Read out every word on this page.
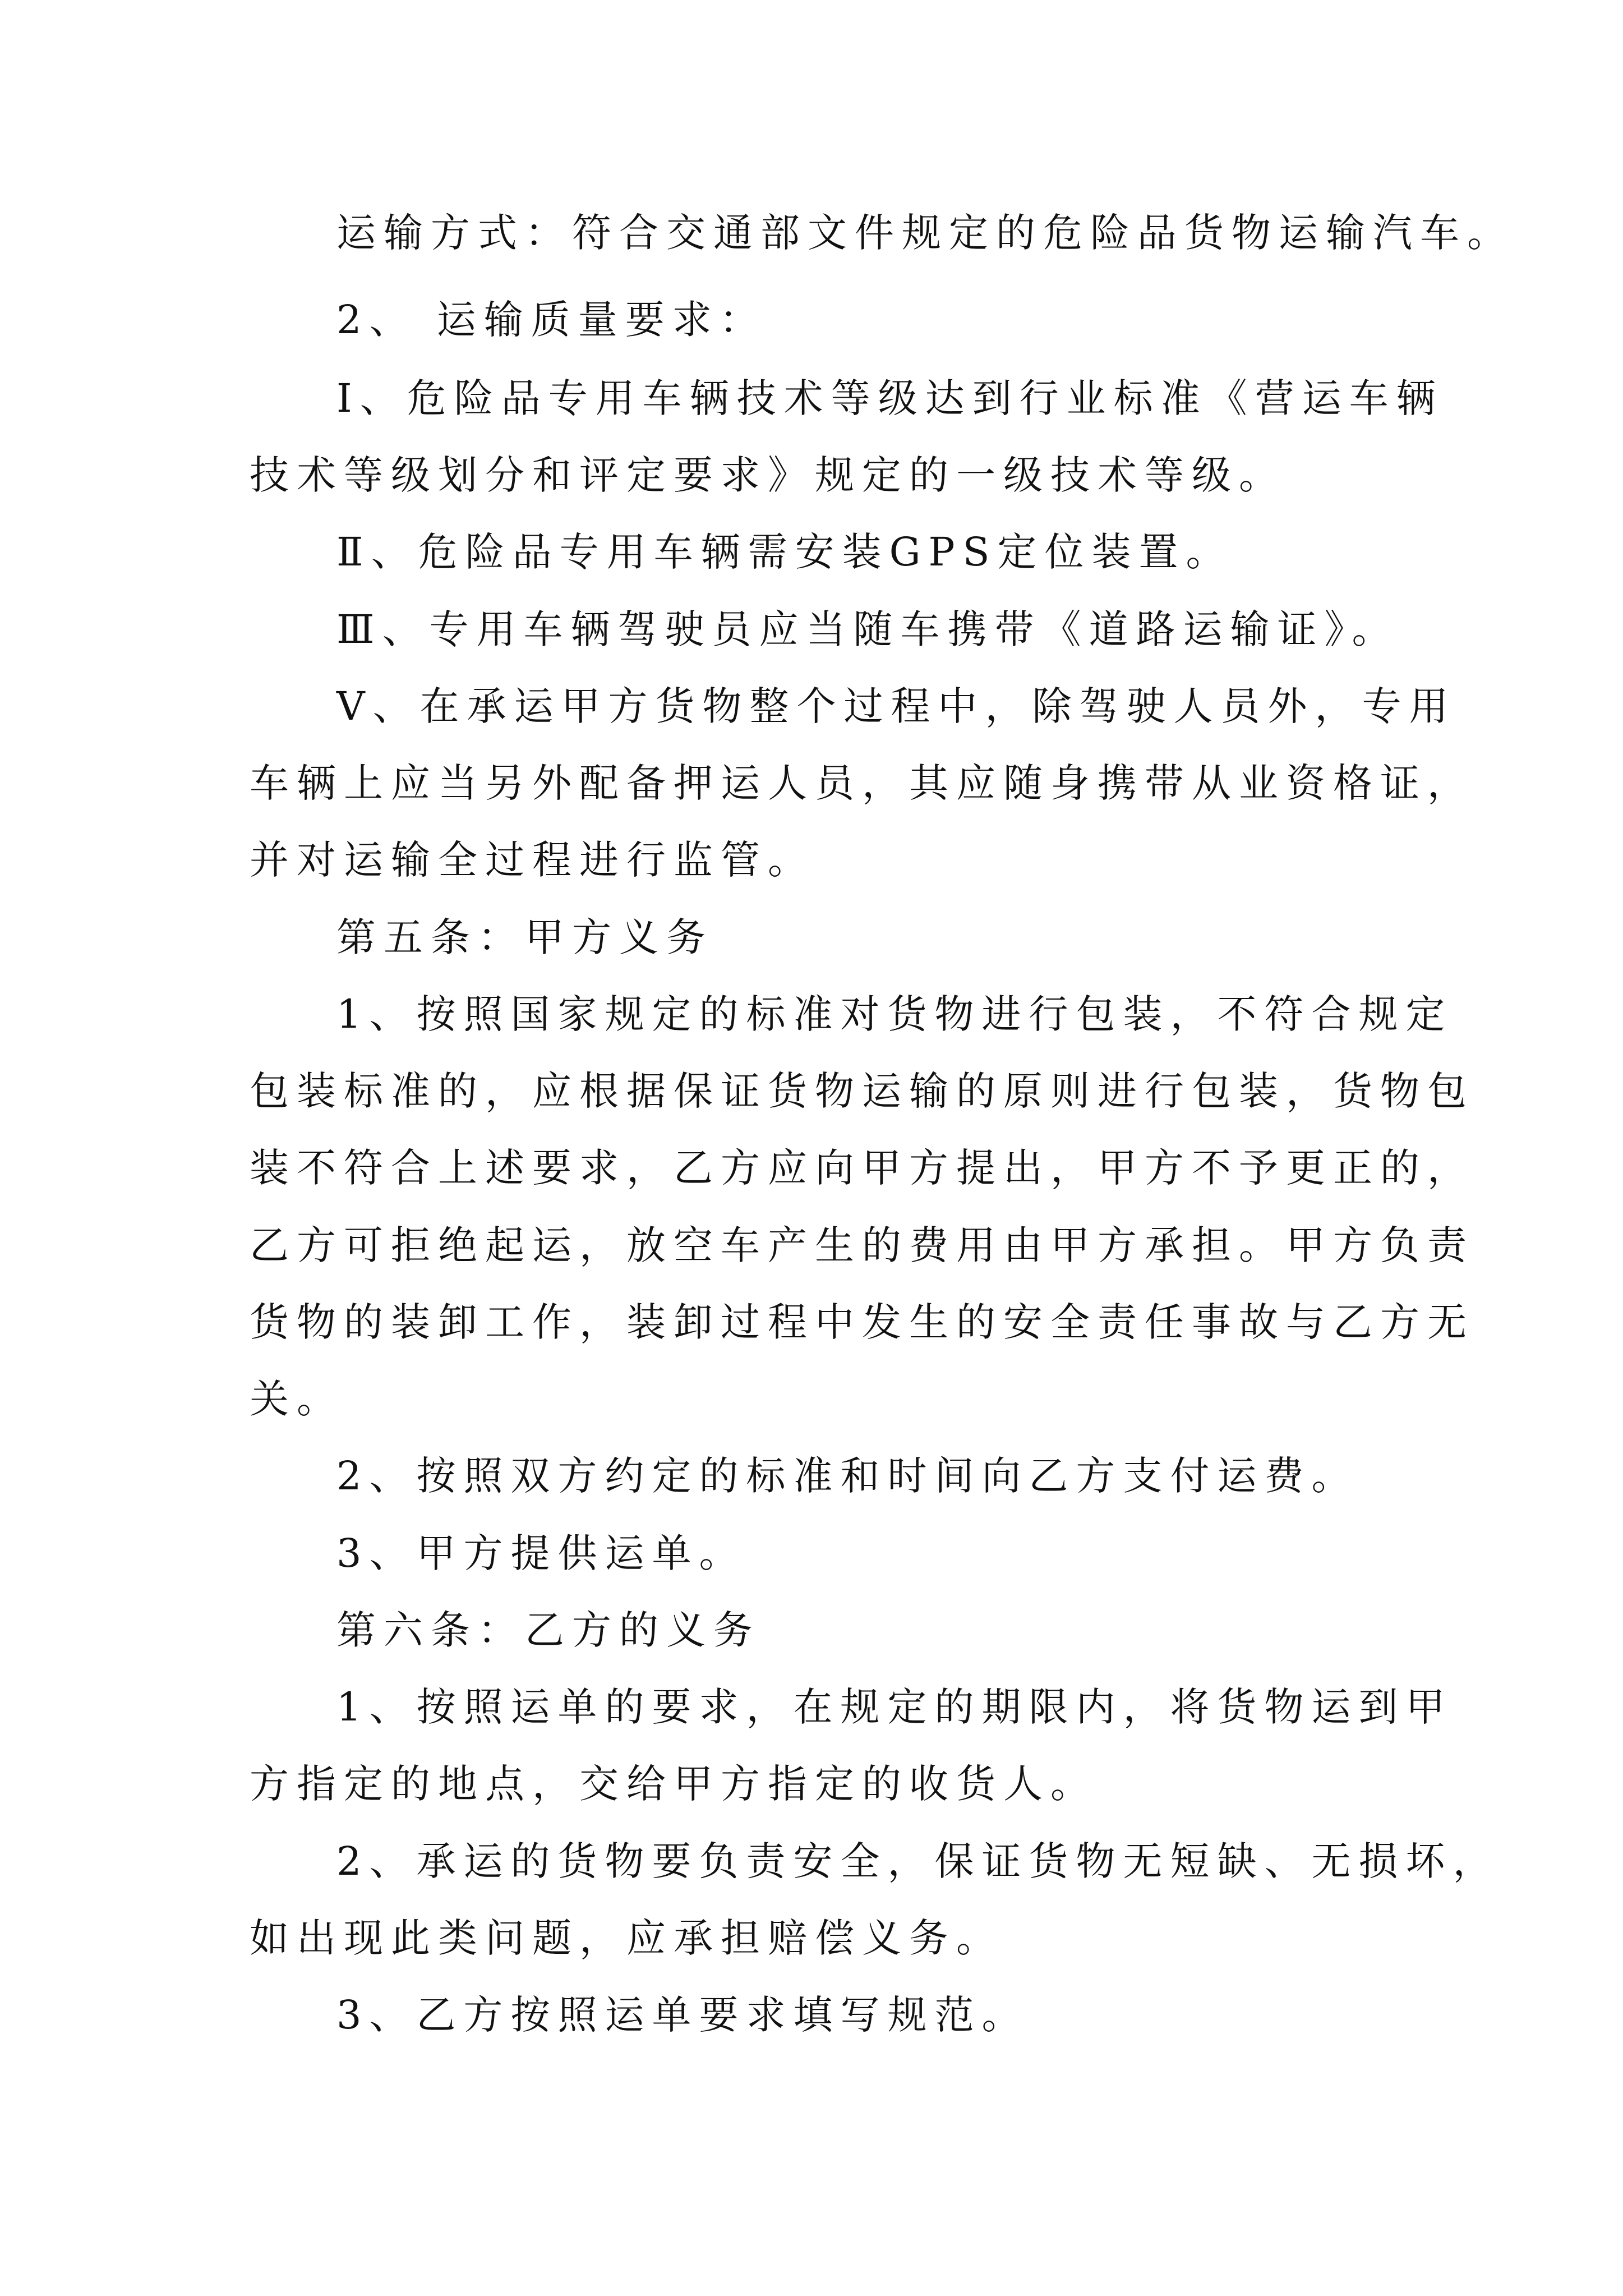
运输方式：符合交通部文件规定的危险品货物运输汽车。
2、 运输质量要求：
Ⅰ、危险品专用车辆技术等级达到行业标准《营运车辆
技术等级划分和评定要求》规定的一级技术等级。
Ⅱ、危险品专用车辆需安装GPS定位装置。
Ⅲ、专用车辆驾驶员应当随车携带《道路运输证》。
Ⅴ、在承运甲方货物整个过程中，除驾驶人员外，专用
车辆上应当另外配备押运人员，其应随身携带从业资格证，
并对运输全过程进行监管。
第五条：甲方义务
1、按照国家规定的标准对货物进行包装，不符合规定
包装标准的，应根据保证货物运输的原则进行包装，货物包
装不符合上述要求，乙方应向甲方提出，甲方不予更正的，
乙方可拒绝起运，放空车产生的费用由甲方承担。甲方负责
货物的装卸工作，装卸过程中发生的安全责任事故与乙方无
关。
2、按照双方约定的标准和时间向乙方支付运费。
3、甲方提供运单。
第六条：乙方的义务
1、按照运单的要求，在规定的期限内，将货物运到甲
方指定的地点，交给甲方指定的收货人。
2、承运的货物要负责安全，保证货物无短缺、无损坏，
如出现此类问题，应承担赔偿义务。
3、乙方按照运单要求填写规范。
